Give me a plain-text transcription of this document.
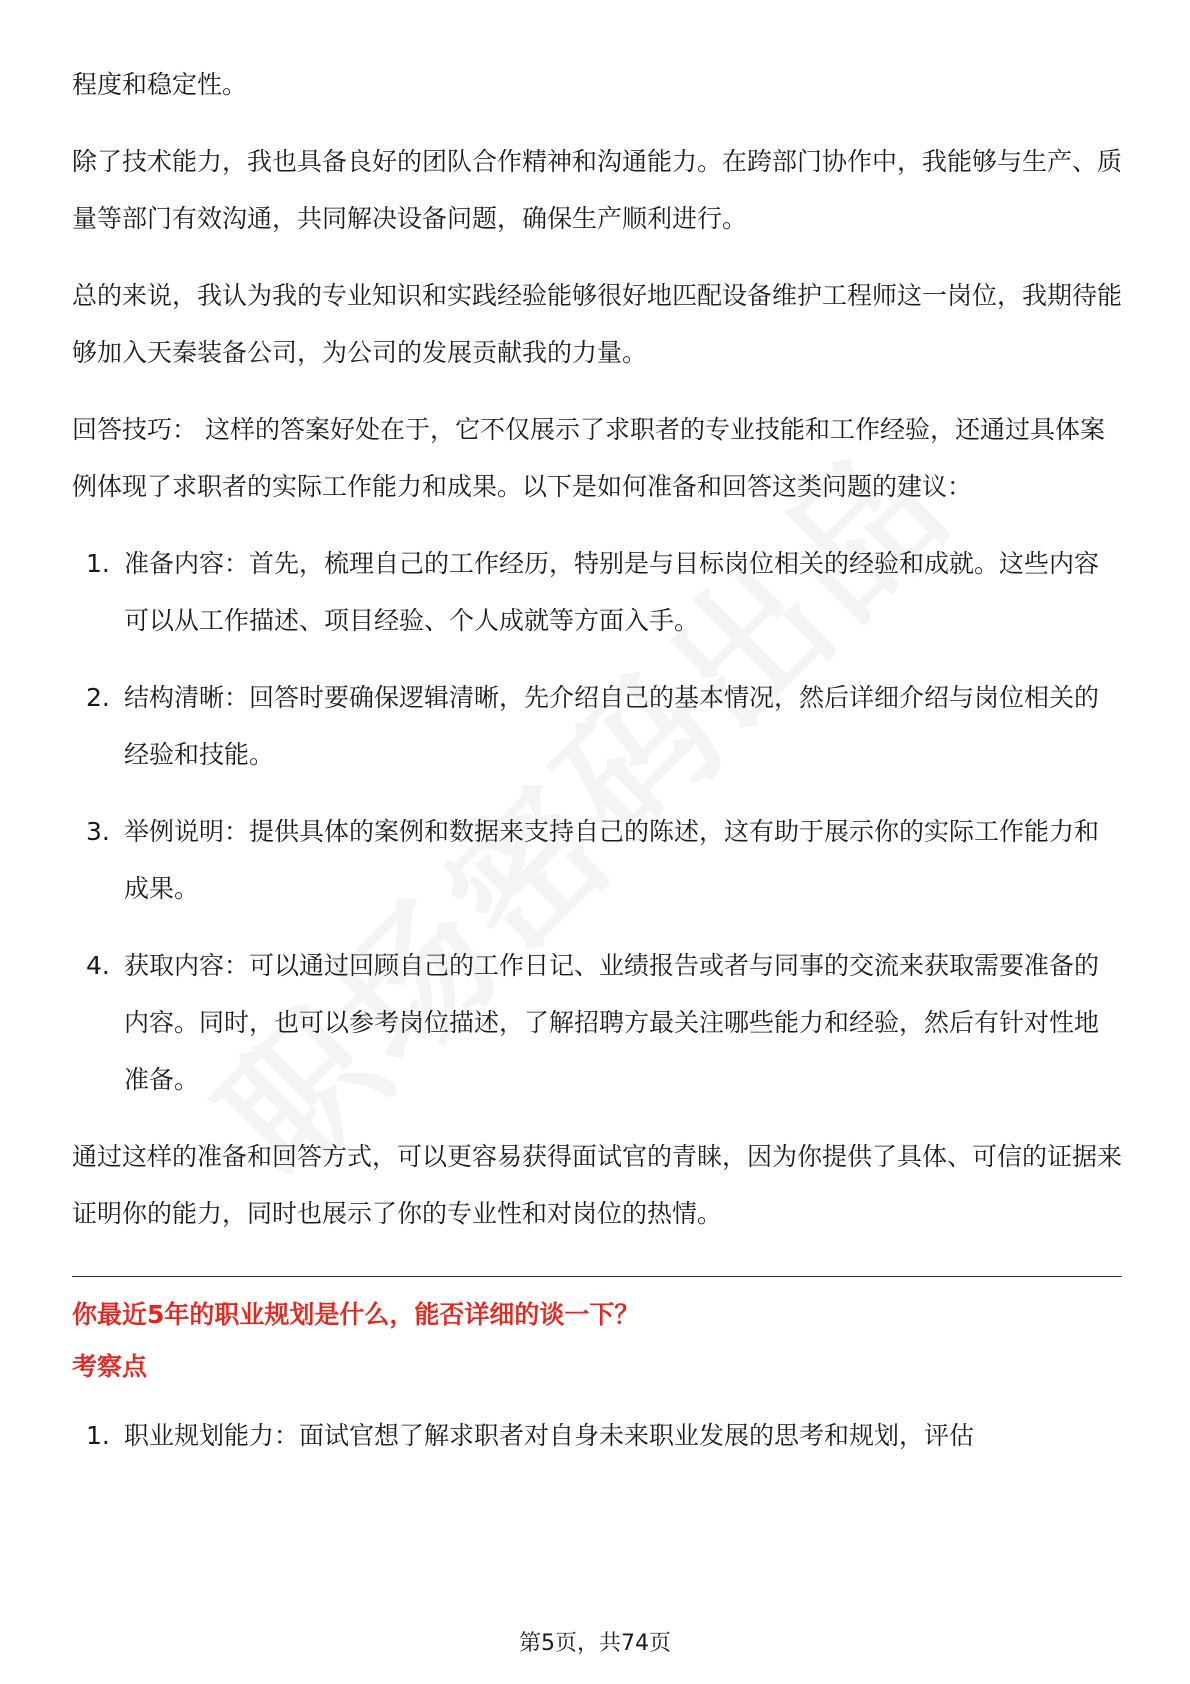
程度和稳定性。

除了技术能力，我也具备良好的团队合作精神和沟通能力。在跨部门协作中，我能够与生产、质量等部门有效沟通，共同解决设备问题，确保生产顺利进行。

总的来说，我认为我的专业知识和实践经验能够很好地匹配设备维护工程师这一岗位，我期待能够加入天秦装备公司，为公司的发展贡献我的力量。

回答技巧： 这样的答案好处在于，它不仅展示了求职者的专业技能和工作经验，还通过具体案例体现了求职者的实际工作能力和成果。以下是如何准备和回答这类问题的建议：

1. 准备内容：首先，梳理自己的工作经历，特别是与目标岗位相关的经验和成就。这些内容可以从工作描述、项目经验、个人成就等方面入手。
2. 结构清晰：回答时要确保逻辑清晰，先介绍自己的基本情况，然后详细介绍与岗位相关的经验和技能。
3. 举例说明：提供具体的案例和数据来支持自己的陈述，这有助于展示你的实际工作能力和成果。
4. 获取内容：可以通过回顾自己的工作日记、业绩报告或者与同事的交流来获取需要准备的内容。同时，也可以参考岗位描述，了解招聘方最关注哪些能力和经验，然后有针对性地准备。

通过这样的准备和回答方式，可以更容易获得面试官的青睐，因为你提供了具体、可信的证据来证明你的能力，同时也展示了你的专业性和对岗位的热情。

你最近5年的职业规划是什么，能否详细的谈一下？
考察点
1. 职业规划能力：面试官想了解求职者对自身未来职业发展的思考和规划，评估
第5页，共74页
